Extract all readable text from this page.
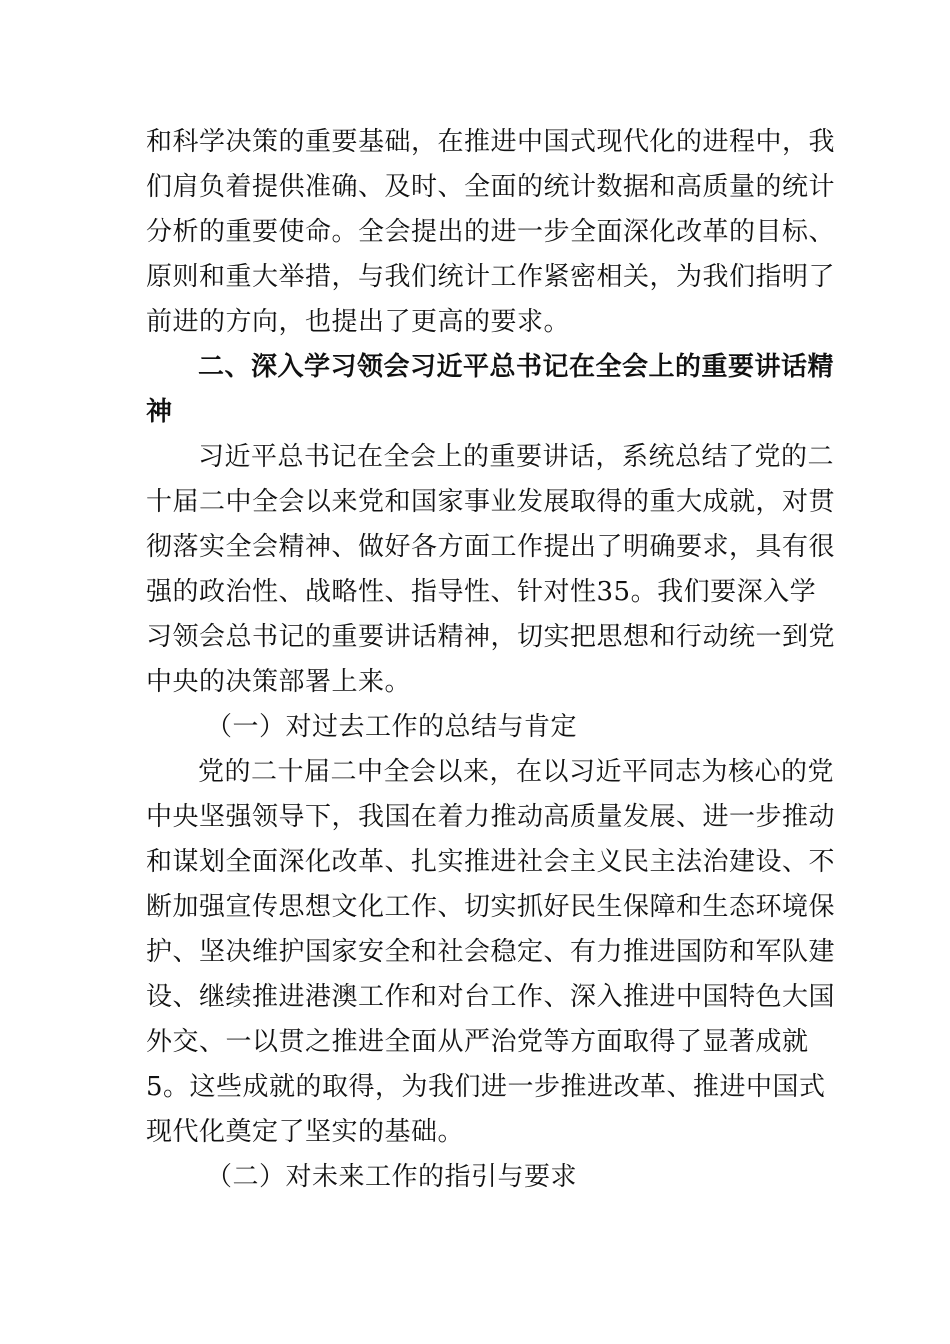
和科学决策的重要基础，在推进中国式现代化的进程中，我
们肩负着提供准确、及时、全面的统计数据和高质量的统计
分析的重要使命。全会提出的进一步全面深化改革的目标、
原则和重大举措，与我们统计工作紧密相关，为我们指明了
前进的方向，也提出了更高的要求。
二、深入学习领会习近平总书记在全会上的重要讲话精
神
习近平总书记在全会上的重要讲话，系统总结了党的二
十届二中全会以来党和国家事业发展取得的重大成就，对贯
彻落实全会精神、做好各方面工作提出了明确要求，具有很
强的政治性、战略性、指导性、针对性35。我们要深入学
习领会总书记的重要讲话精神，切实把思想和行动统一到党
中央的决策部署上来。
（一）对过去工作的总结与肯定
党的二十届二中全会以来，在以习近平同志为核心的党
中央坚强领导下，我国在着力推动高质量发展、进一步推动
和谋划全面深化改革、扎实推进社会主义民主法治建设、不
断加强宣传思想文化工作、切实抓好民生保障和生态环境保
护、坚决维护国家安全和社会稳定、有力推进国防和军队建
设、继续推进港澳工作和对台工作、深入推进中国特色大国
外交、一以贯之推进全面从严治党等方面取得了显著成就
5。这些成就的取得，为我们进一步推进改革、推进中国式
现代化奠定了坚实的基础。
（二）对未来工作的指引与要求
